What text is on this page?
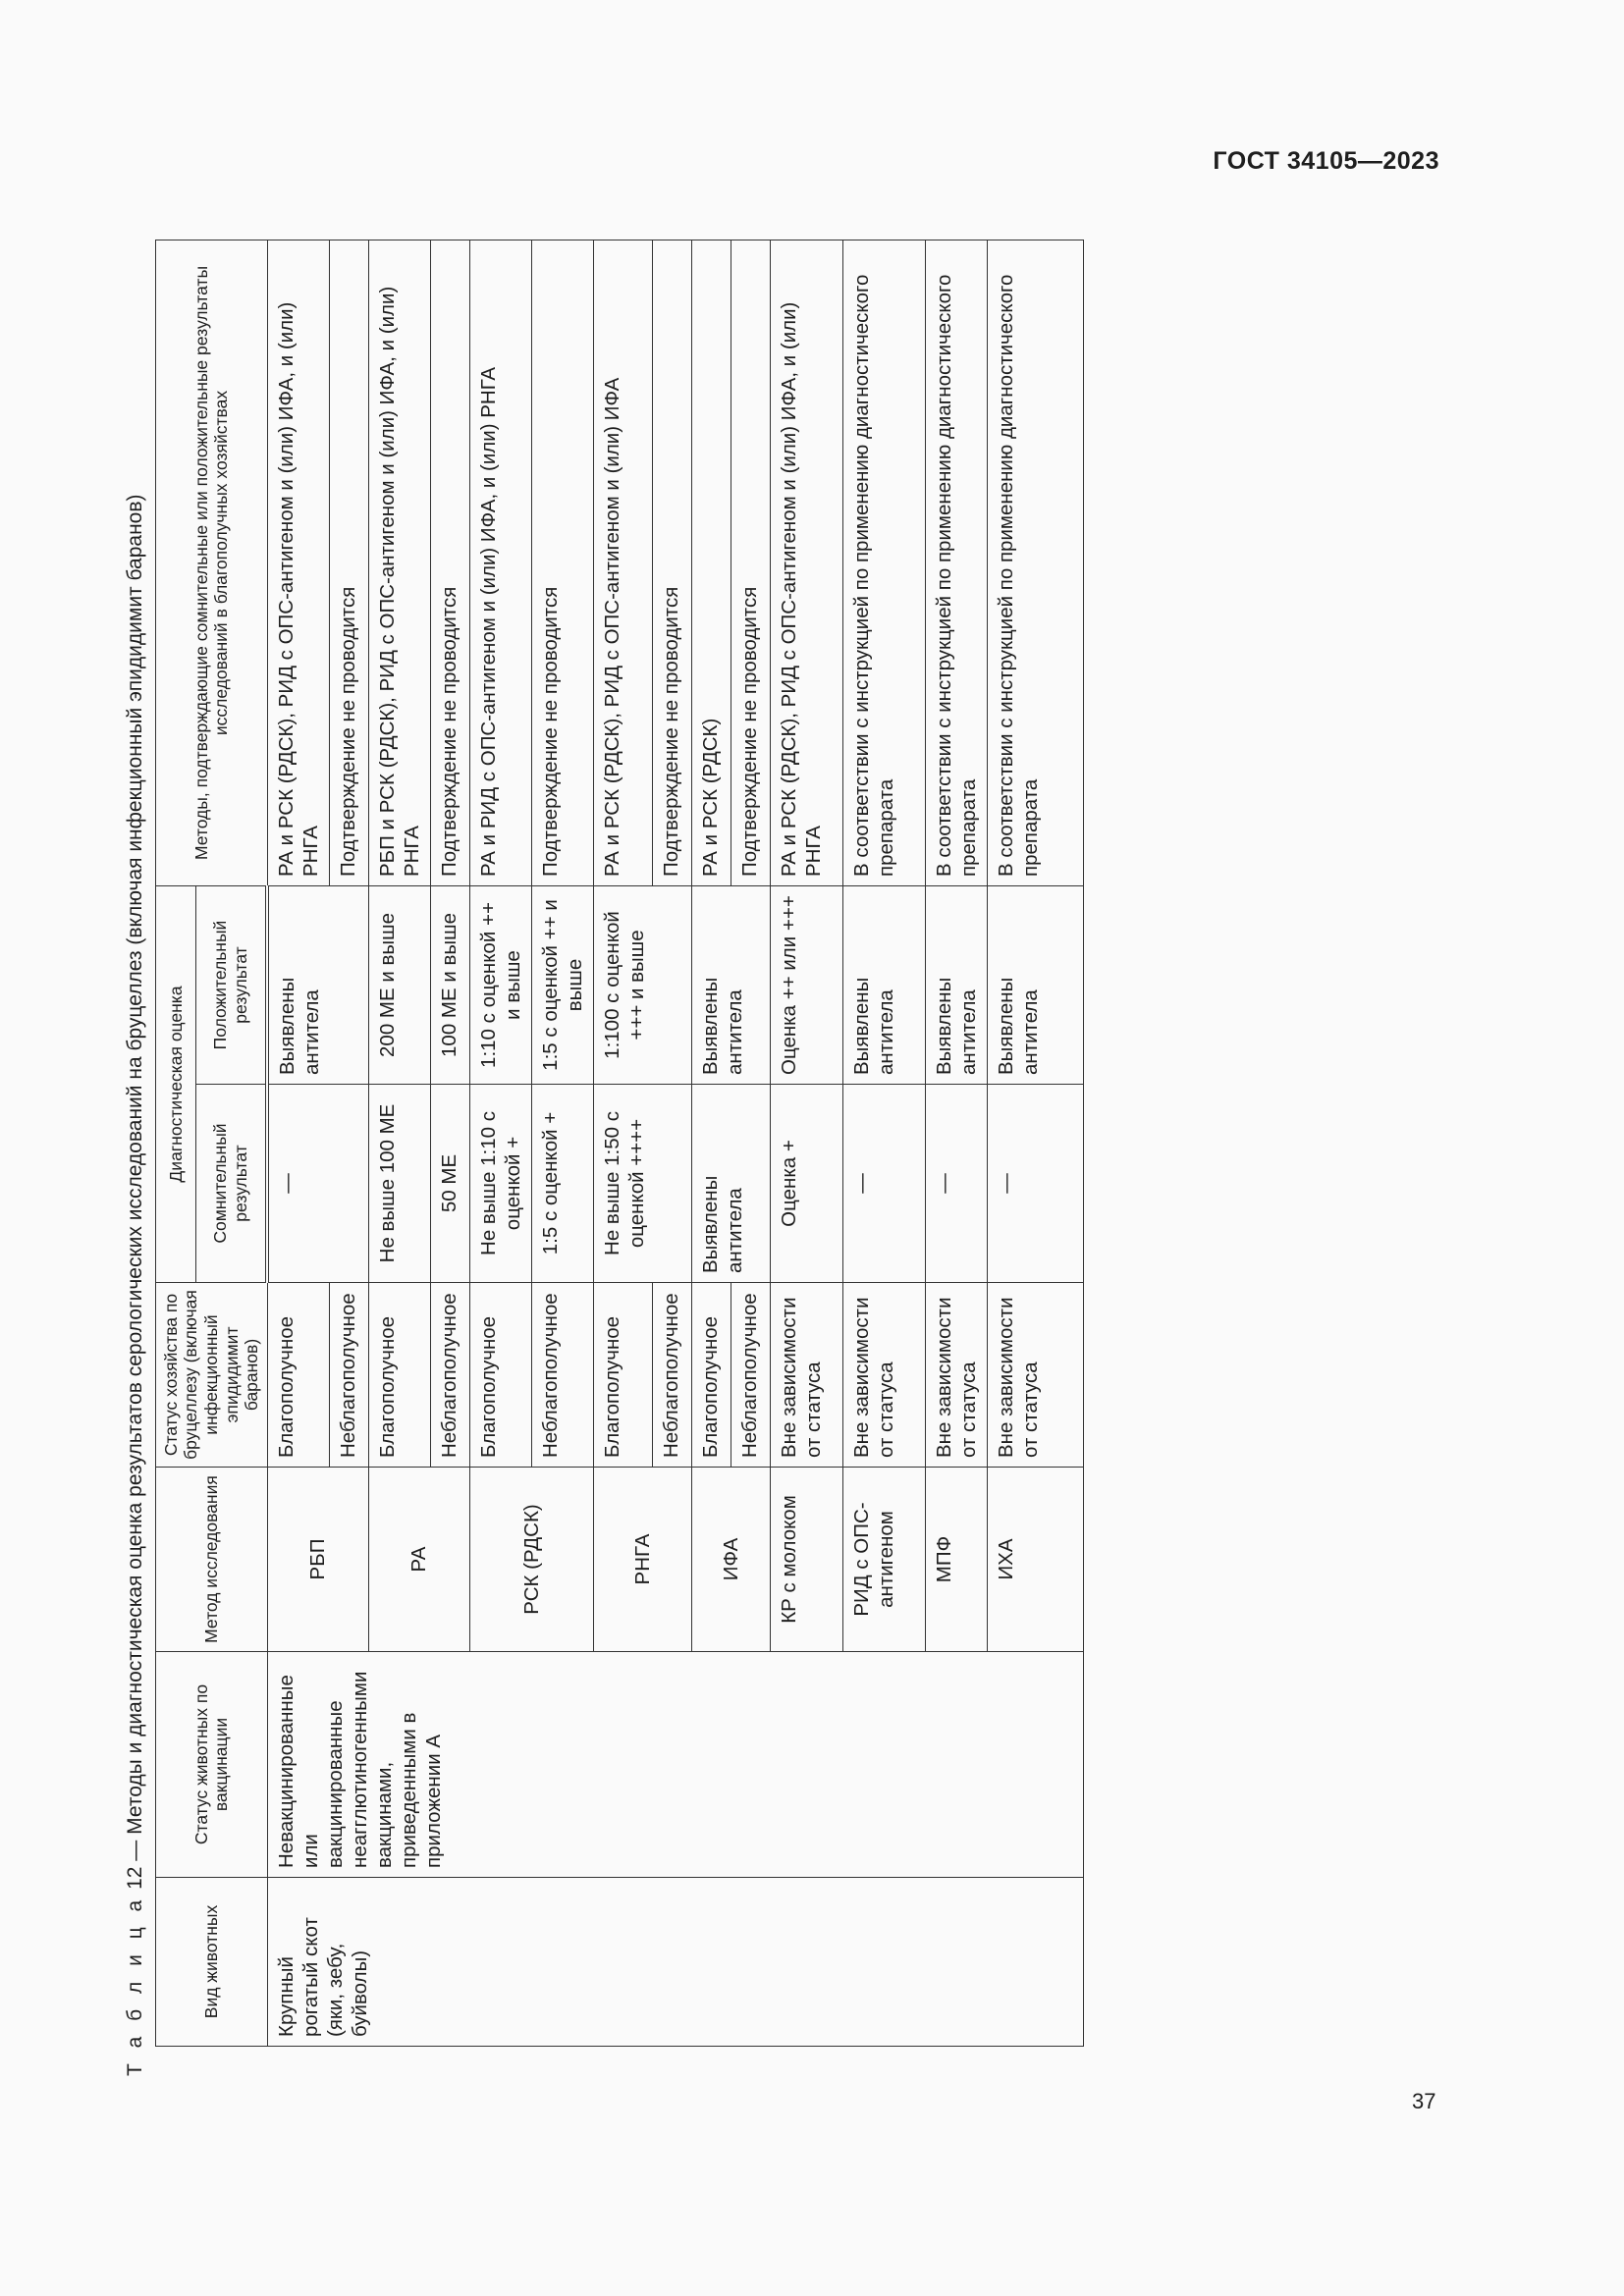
ГОСТ 34105—2023
Т а б л и ц а 12 — Методы и диагностическая оценка результатов серологических исследований на бруцеллез (включая инфекционный эпидидимит баранов)
Вид животных	Статус животных по вакцинации	Метод исследования	Статус хозяйства по бруцеллезу (включая инфекционный эпидидимит баранов)	Диагностическая оценка		Методы, подтверждающие сомнительные или положительные результаты исследований в благополучных хозяйствах
				Сомнительный результат	Положительный результат	
Крупный рогатый скот (яки, зебу, буйволы)	Невакцинированные или вакцинированные неагглютиногенными вакцинами, приведенными в приложении А	РБП	Благополучное	—	Выявлены антитела	РА и РСК (РДСК), РИД с ОПС-антигеном и (или) ИФА, и (или) РНГА
			Неблагополучное			Подтверждение не проводится
		РА	Благополучное	Не выше 100 МЕ	200 МЕ и выше	РБП и РСК (РДСК), РИД с ОПС-антигеном и (или) ИФА, и (или) РНГА
			Неблагополучное	50 МЕ	100 МЕ и выше	Подтверждение не проводится
		РСК (РДСК)	Благополучное	Не выше 1:10 с оценкой +	1:10 с оценкой ++ и выше	РА и РИД с ОПС-антигеном и (или) ИФА, и (или) РНГА
			Неблагополучное	1:5 с оценкой +	1:5 с оценкой ++ и выше	Подтверждение не проводится
		РНГА	Благополучное	Не выше 1:50 с оценкой ++++	1:100 с оценкой +++ и выше	РА и РСК (РДСК), РИД с ОПС-антигеном и (или) ИФА
			Неблагополучное			Подтверждение не проводится
		ИФА	Благополучное	Выявлены антитела	Выявлены антитела	РА и РСК (РДСК)
			Неблагополучное			Подтверждение не проводится
		КР с молоком	Вне зависимости от статуса	Оценка +	Оценка ++ или +++	РА и РСК (РДСК), РИД с ОПС-антигеном и (или) ИФА, и (или) РНГА
		РИД с ОПС-антигеном	Вне зависимости от статуса	—	Выявлены антитела	В соответствии с инструкцией по применению диагностического препарата
		МПФ	Вне зависимости от статуса	—	Выявлены антитела	В соответствии с инструкцией по применению диагностического препарата
		ИХА	Вне зависимости от статуса	—	Выявлены антитела	В соответствии с инструкцией по применению диагностического препарата
37
